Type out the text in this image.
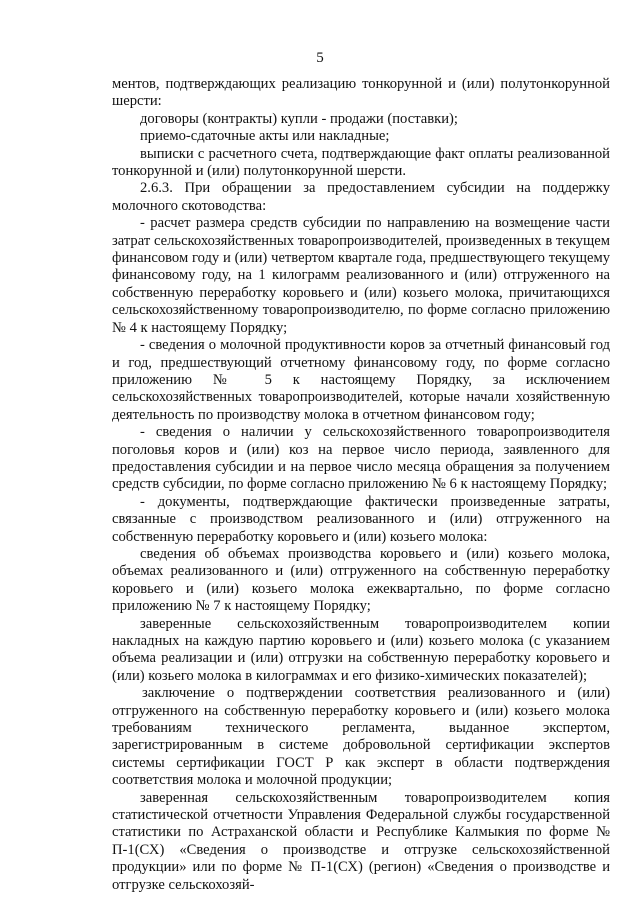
5

ментов, подтверждающих реализацию тонкорунной и (или) полутонкорунной шерсти:

договоры (контракты) купли - продажи (поставки);

приемо-сдаточные акты или накладные;

выписки с расчетного счета, подтверждающие факт оплаты реализованной тонкорунной и (или) полутонкорунной шерсти.

2.6.3. При обращении за предоставлением субсидии на поддержку молочного скотоводства:

- расчет размера средств субсидии по направлению на возмещение части затрат сельскохозяйственных товаропроизводителей, произведенных в текущем финансовом году и (или) четвертом квартале года, предшествующего текущему финансовому году, на 1 килограмм реализованного и (или) отгруженного на собственную переработку коровьего и (или) козьего молока, причитающихся сельскохозяйственному товаропроизводителю, по форме согласно приложению № 4 к настоящему Порядку;

- сведения о молочной продуктивности коров за отчетный финансовый год и год, предшествующий отчетному финансовому году, по форме согласно приложению № 5 к настоящему Порядку, за исключением сельскохозяйственных товаропроизводителей, которые начали хозяйственную деятельность по производству молока в отчетном финансовом году;

- сведения о наличии у сельскохозяйственного товаропроизводителя поголовья коров и (или) коз на первое число периода, заявленного для предоставления субсидии и на первое число месяца обращения за получением средств субсидии, по форме согласно приложению № 6 к настоящему Порядку;

- документы, подтверждающие фактически произведенные затраты, связанные с производством реализованного и (или) отгруженного на собственную переработку коровьего и (или) козьего молока:

сведения об объемах производства коровьего и (или) козьего молока, объемах реализованного и (или) отгруженного на собственную переработку коровьего и (или) козьего молока ежеквартально, по форме согласно приложению № 7 к настоящему Порядку;

заверенные сельскохозяйственным товаропроизводителем копии накладных на каждую партию коровьего и (или) козьего молока (с указанием объема реализации и (или) отгрузки на собственную переработку коровьего и (или) козьего молока в килограммах и его физико-химических показателей);

заключение о подтверждении соответствия реализованного и (или) отгруженного на собственную переработку коровьего и (или) козьего молока требованиям технического регламента, выданное экспертом, зарегистрированным в системе добровольной сертификации экспертов системы сертификации ГОСТ Р как эксперт в области подтверждения соответствия молока и молочной продукции;

заверенная сельскохозяйственным товаропроизводителем копия статистической отчетности Управления Федеральной службы государственной статистики по Астраханской области и Республике Калмыкия по форме № П-1(СХ) «Сведения о производстве и отгрузке сельскохозяйственной продукции» или по форме № П-1(СХ) (регион) «Сведения о производстве и отгрузке сельскохозяй-
